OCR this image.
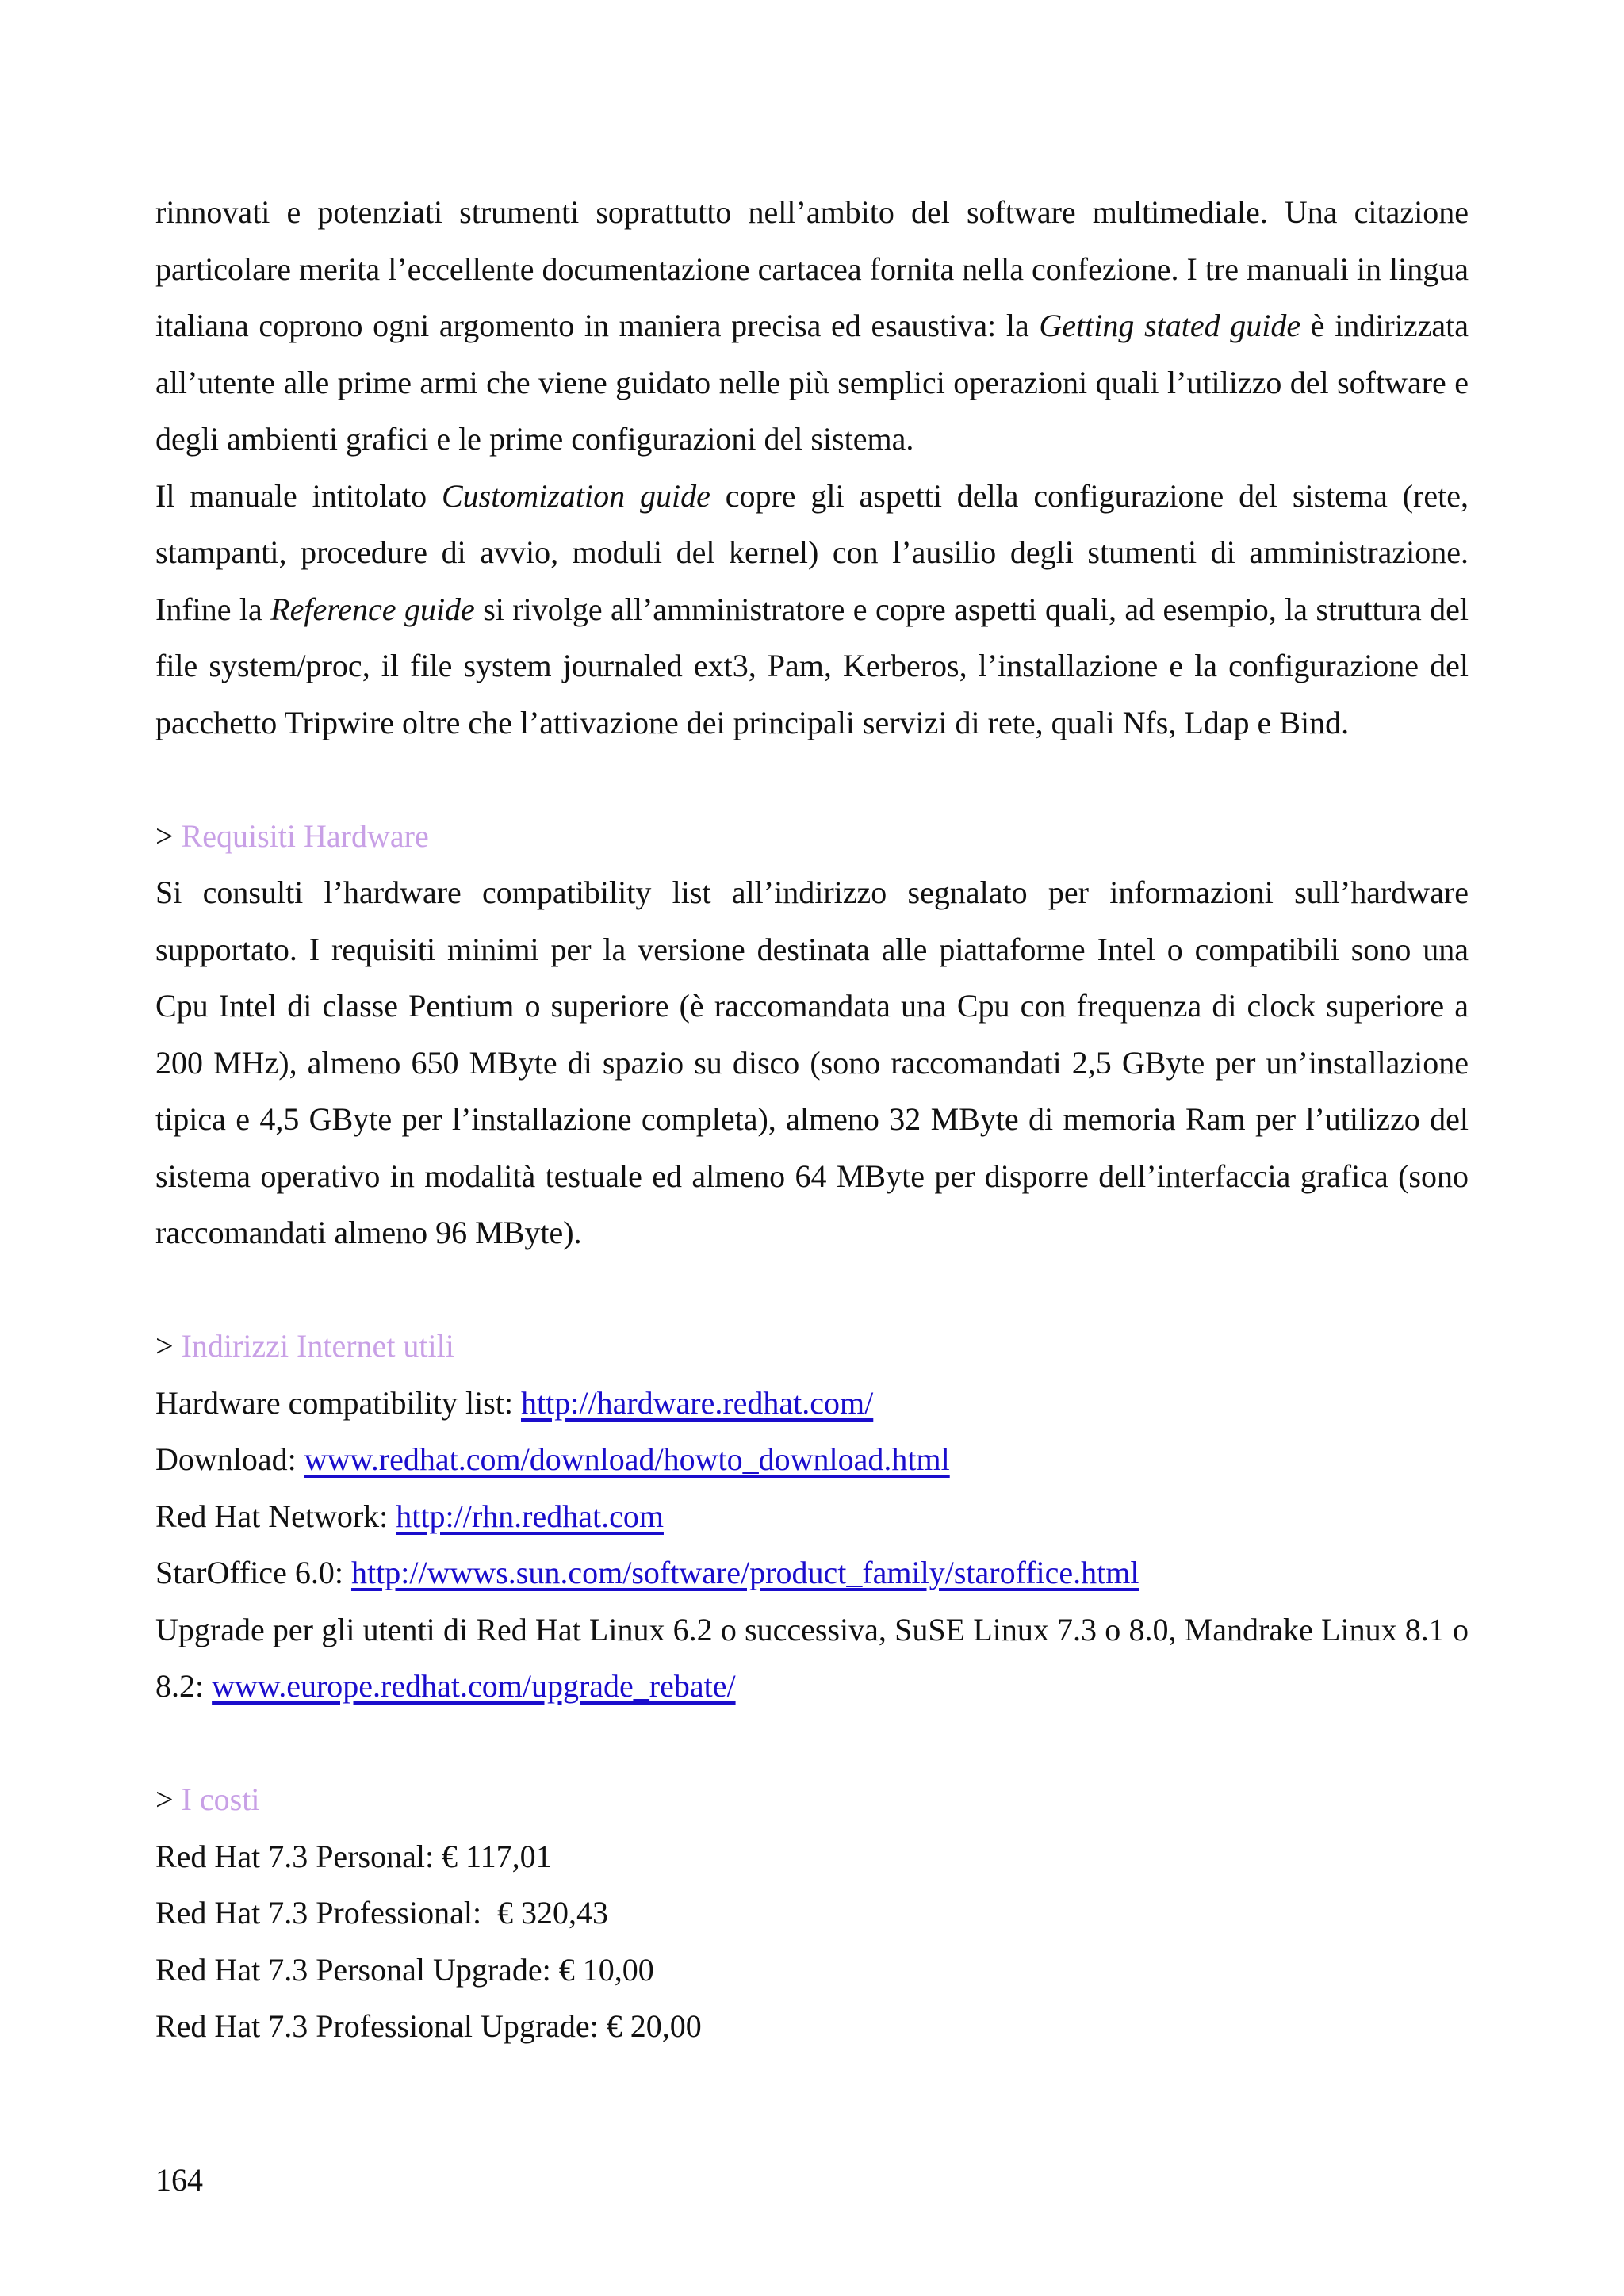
rinnovati e potenziati strumenti soprattutto nell’ambito del software multimediale. Una citazione particolare merita l’eccellente documentazione cartacea fornita nella confezione. I tre manuali in lingua italiana coprono ogni argomento in maniera precisa ed esaustiva: la Getting stated guide è indirizzata all’utente alle prime armi che viene guidato nelle più semplici operazioni quali l’utilizzo del software e degli ambienti grafici e le prime configurazioni del sistema.

Il manuale intitolato Customization guide copre gli aspetti della configurazione del sistema (rete, stampanti, procedure di avvio, moduli del kernel) con l’ausilio degli stumenti di amministrazione. Infine la Reference guide si rivolge all’amministratore e copre aspetti quali, ad esempio, la struttura del file system/proc, il file system journaled ext3, Pam, Kerberos, l’installazione e la configurazione del pacchetto Tripwire oltre che l’attivazione dei principali servizi di rete, quali Nfs, Ldap e Bind.

> Requisiti Hardware

Si consulti l’hardware compatibility list all’indirizzo segnalato per informazioni sull’hardware supportato. I requisiti minimi per la versione destinata alle piattaforme Intel o compatibili sono una Cpu Intel di classe Pentium o superiore (è raccomandata una Cpu con frequenza di clock superiore a 200 MHz), almeno 650 MByte di spazio su disco (sono raccomandati 2,5 GByte per un’installazione tipica e 4,5 GByte per l’installazione completa), almeno 32 MByte di memoria Ram per l’utilizzo del sistema operativo in modalità testuale ed almeno 64 MByte per disporre dell’interfaccia grafica (sono raccomandati almeno 96 MByte).

> Indirizzi Internet utili

Hardware compatibility list: http://hardware.redhat.com/

Download: www.redhat.com/download/howto_download.html

Red Hat Network: http://rhn.redhat.com

StarOffice 6.0: http://wwws.sun.com/software/product_family/staroffice.html

Upgrade per gli utenti di Red Hat Linux 6.2 o successiva, SuSE Linux 7.3 o 8.0, Mandrake Linux 8.1 o 8.2: www.europe.redhat.com/upgrade_rebate/

> I costi

Red Hat 7.3 Personal: € 117,01

Red Hat 7.3 Professional:  € 320,43

Red Hat 7.3 Personal Upgrade: € 10,00

Red Hat 7.3 Professional Upgrade: € 20,00

164
